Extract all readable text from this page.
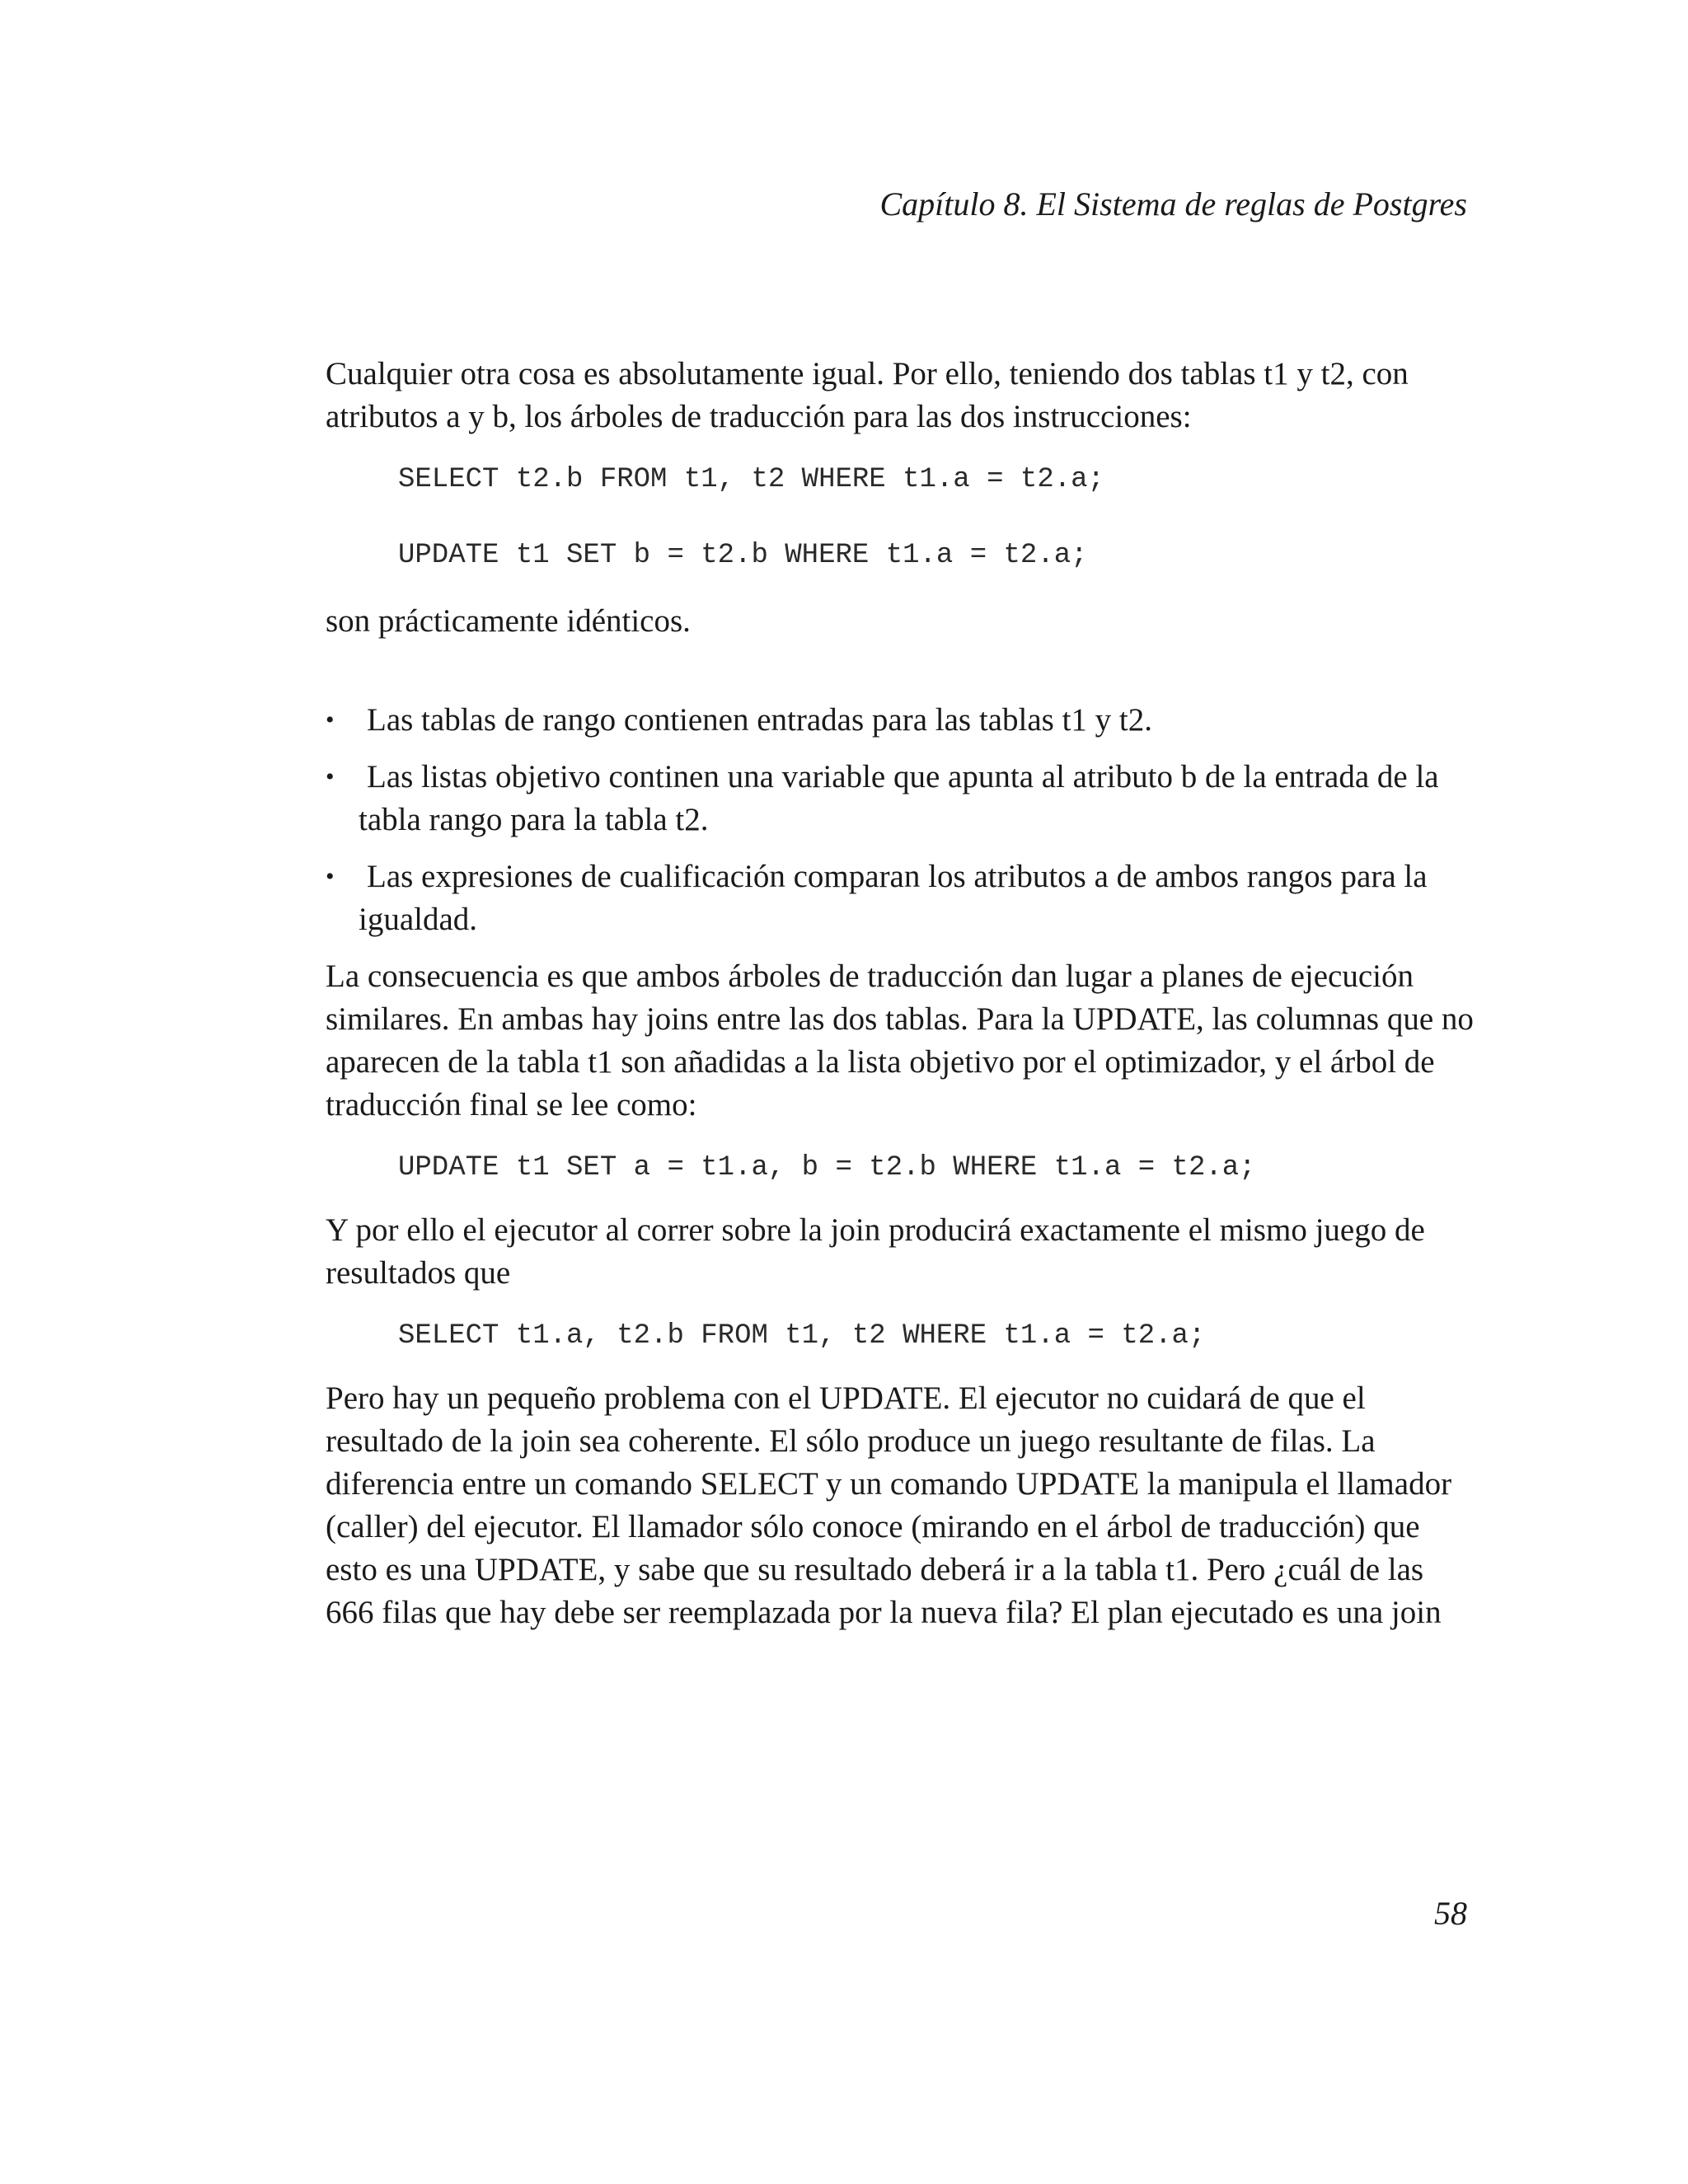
Capítulo 8. El Sistema de reglas de Postgres

Cualquier otra cosa es absolutamente igual. Por ello, teniendo dos tablas t1 y t2, con atributos a y b, los árboles de traducción para las dos instrucciones:

SELECT t2.b FROM t1, t2 WHERE t1.a = t2.a;

UPDATE t1 SET b = t2.b WHERE t1.a = t2.a;

son prácticamente idénticos.

• Las tablas de rango contienen entradas para las tablas t1 y t2.
• Las listas objetivo continen una variable que apunta al atributo b de la entrada de la tabla rango para la tabla t2.
• Las expresiones de cualificación comparan los atributos a de ambos rangos para la igualdad.

La consecuencia es que ambos árboles de traducción dan lugar a planes de ejecución similares. En ambas hay joins entre las dos tablas. Para la UPDATE, las columnas que no aparecen de la tabla t1 son añadidas a la lista objetivo por el optimizador, y el árbol de traducción final se lee como:

UPDATE t1 SET a = t1.a, b = t2.b WHERE t1.a = t2.a;

Y por ello el ejecutor al correr sobre la join producirá exactamente el mismo juego de resultados que

SELECT t1.a, t2.b FROM t1, t2 WHERE t1.a = t2.a;

Pero hay un pequeño problema con el UPDATE. El ejecutor no cuidará de que el resultado de la join sea coherente. El sólo produce un juego resultante de filas. La diferencia entre un comando SELECT y un comando UPDATE la manipula el llamador (caller) del ejecutor. El llamador sólo conoce (mirando en el árbol de traducción) que esto es una UPDATE, y sabe que su resultado deberá ir a la tabla t1. Pero ¿cuál de las 666 filas que hay debe ser reemplazada por la nueva fila? El plan ejecutado es una join

58
